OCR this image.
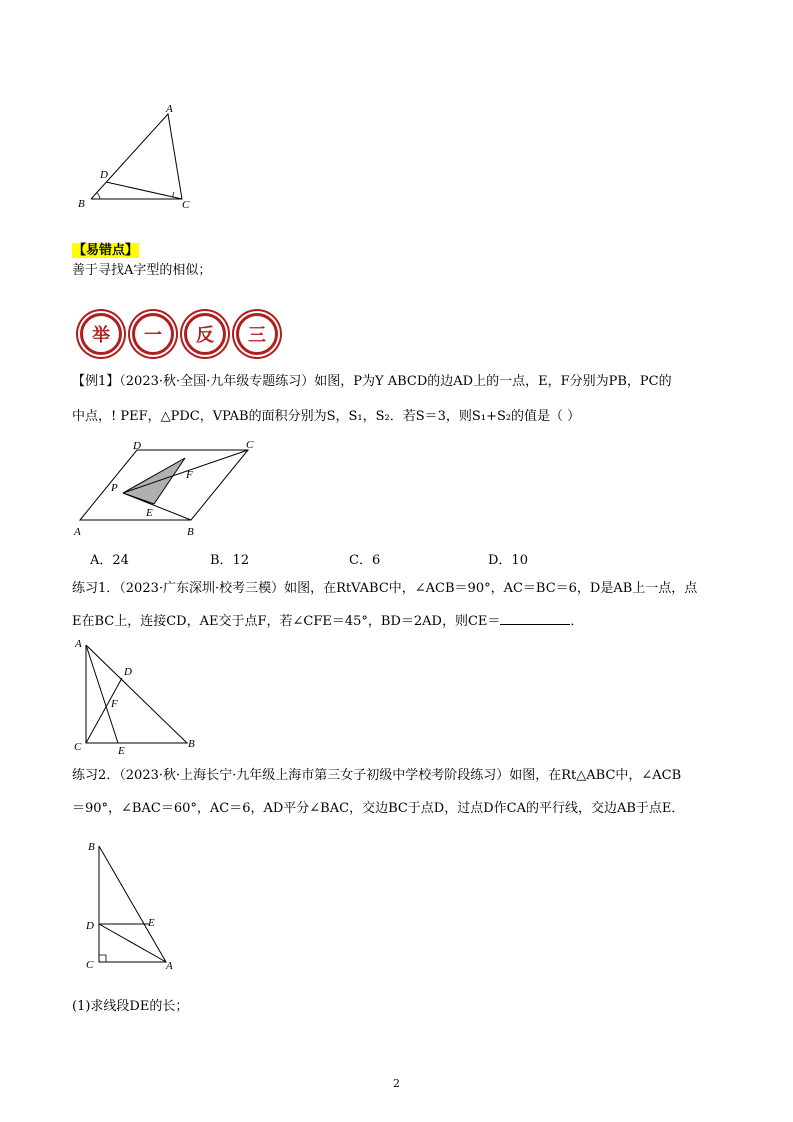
A
D
B	C
【易错点】
善于寻找A字型的相似；
举	一	反	三
【例1】（2023·秋·全国·九年级专题练习）如图，P为Y ABCD的边AD上的一点，E，F分别为PB，PC的
中点，! PEF，△PDC，VPAB的面积分别为S，S₁，S₂．若S＝3，则S₁+S₂的值是（ ）
D	C
P
F
E
A	B
A．24	B．12	C．6	D．10
练习1．（2023·广东深圳·校考三模）如图，在RtVABC中，∠ACB＝90°，AC＝BC＝6，D是AB上一点，点
E在BC上，连接CD，AE交于点F，若∠CFE＝45°，BD＝2AD，则CE＝	．
A
D
F
C	E
B
练习2．（2023·秋·上海长宁·九年级上海市第三女子初级中学校考阶段练习）如图，在Rt△ABC中，∠ACB
＝90°，∠BAC＝60°，AC＝6，AD平分∠BAC，交边BC于点D，过点D作CA的平行线，交边AB于点E．
B
D	E
C	A
(1)求线段DE的长；
2
